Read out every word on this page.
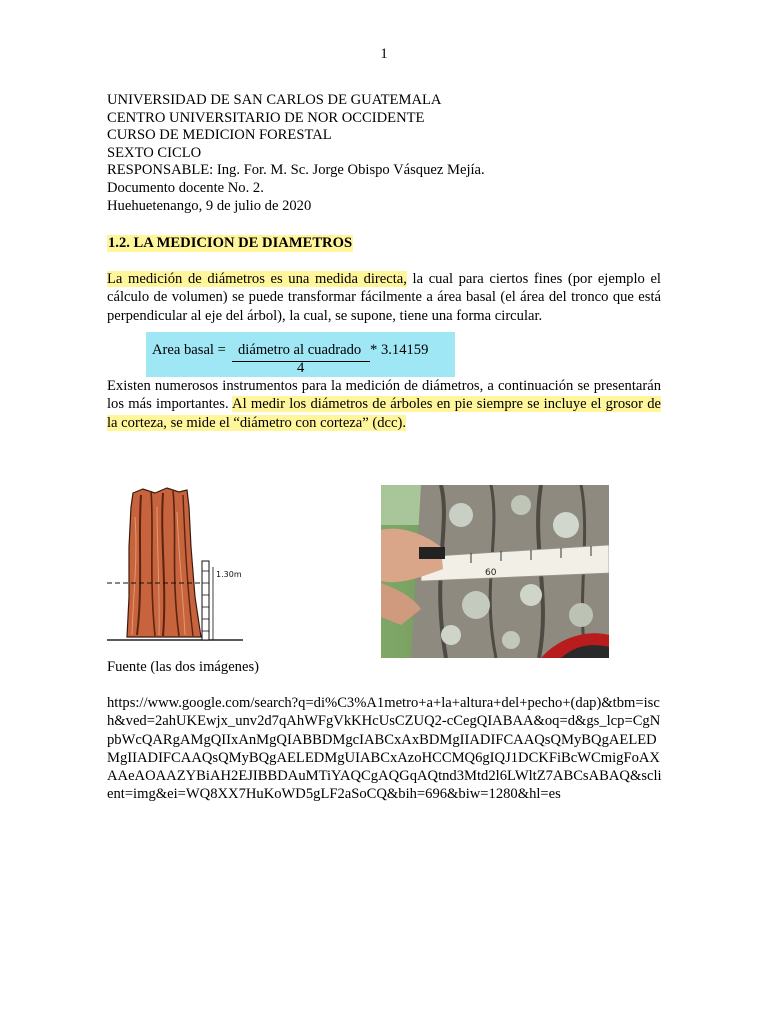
1
UNIVERSIDAD DE SAN CARLOS DE GUATEMALA
CENTRO UNIVERSITARIO DE NOR OCCIDENTE
CURSO DE MEDICION FORESTAL
SEXTO CICLO
RESPONSABLE: Ing. For. M. Sc. Jorge Obispo Vásquez Mejía.
Documento docente No. 2.
Huehuetenango, 9 de julio de 2020
1.2. LA MEDICION DE DIAMETROS
La medición de diámetros es una medida directa, la cual para ciertos fines (por ejemplo el cálculo de volumen) se puede transformar fácilmente a área basal (el área del tronco que está perpendicular al eje del árbol), la cual, se supone, tiene una forma circular.
Area basal = diámetro al cuadrado
4
* 3.14159
Existen numerosos instrumentos para la medición de diámetros, a continuación se presentarán los más importantes. Al medir los diámetros de árboles en pie siempre se incluye el grosor de la corteza, se mide el “diámetro con corteza” (dcc).
1.30m	60
Fuente (las dos imágenes)
https://www.google.com/search?q=di%C3%A1metro+a+la+altura+del+pecho+(dap)&tbm=isch&ved=2ahUKEwjx_unv2d7qAhWFgVkKHcUsCZUQ2-cCegQIABAA&oq=d&gs_lcp=CgNpbWcQARgAMgQIIxAnMgQIABBDMgcIABCxAxBDMgIIADIFCAAQsQMyBQgAELEDMgIIADIFCAAQsQMyBQgAELEDMgUIABCxAzoHCCMQ6gIQJ1DCKFiBcWCmigFoAXAAeAOAAZYBiAH2EJIBBDAuMTiYAQCgAQGqAQtnd3Mtd2l6LWltZ7ABCsABAQ&sclient=img&ei=WQ8XX7HuKoWD5gLF2aSoCQ&bih=696&biw=1280&hl=es
